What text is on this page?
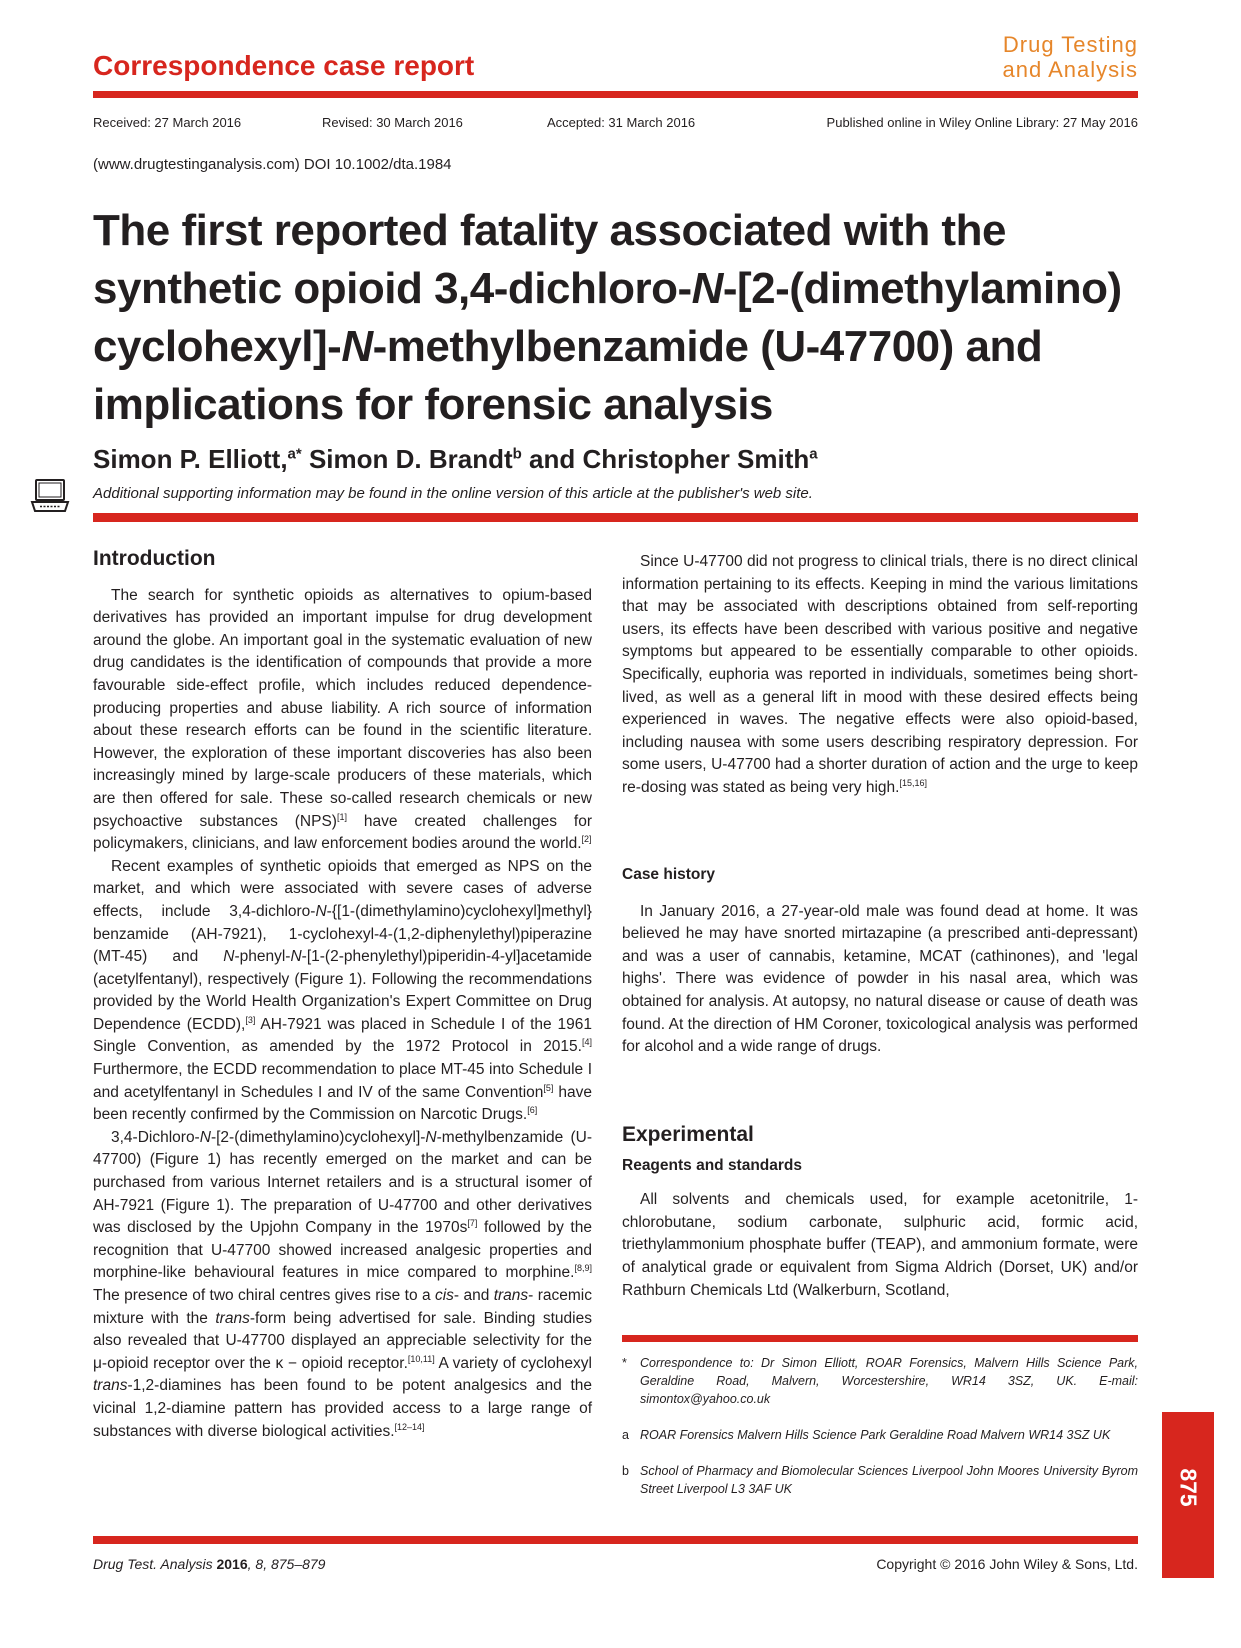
Correspondence case report
Drug Testing
and Analysis
Received: 27 March 2016	Revised: 30 March 2016	Accepted: 31 March 2016	Published online in Wiley Online Library: 27 May 2016
(www.drugtestinganalysis.com) DOI 10.1002/dta.1984
The first reported fatality associated with the
synthetic opioid 3,4-dichloro-N-[2-(dimethylamino)
cyclohexyl]-N-methylbenzamide (U-47700) and
implications for forensic analysis
Simon P. Elliott,$^{a*}$ Simon D. Brandt$^b$ and Christopher Smith$^a$
Additional supporting information may be found in the online version of this article at the publisher's web site.
Introduction

The search for synthetic opioids as alternatives to opium-based derivatives has provided an important impulse for drug development around the globe. An important goal in the systematic evaluation of new drug candidates is the identification of compounds that provide a more favourable side-effect profile, which includes reduced dependence-producing properties and abuse liability. A rich source of information about these research efforts can be found in the scientific literature. However, the exploration of these important discoveries has also been increasingly mined by large-scale producers of these materials, which are then offered for sale. These so-called research chemicals or new psychoactive substances (NPS)[1] have created challenges for policymakers, clinicians, and law enforcement bodies around the world.[2]

Recent examples of synthetic opioids that emerged as NPS on the market, and which were associated with severe cases of adverse effects, include 3,4-dichloro-N-{[1-(dimethylamino)cyclohexyl]methyl} benzamide (AH-7921), 1-cyclohexyl-4-(1,2-diphenylethyl)piperazine (MT-45) and N-phenyl-N-[1-(2-phenylethyl)piperidin-4-yl]acetamide (acetylfentanyl), respectively (Figure 1). Following the recommendations provided by the World Health Organization's Expert Committee on Drug Dependence (ECDD),[3] AH-7921 was placed in Schedule I of the 1961 Single Convention, as amended by the 1972 Protocol in 2015.[4] Furthermore, the ECDD recommendation to place MT-45 into Schedule I and acetylfentanyl in Schedules I and IV of the same Convention[5] have been recently confirmed by the Commission on Narcotic Drugs.[6]

3,4-Dichloro-N-[2-(dimethylamino)cyclohexyl]-N-methylbenzamide (U-47700) (Figure 1) has recently emerged on the market and can be purchased from various Internet retailers and is a structural isomer of AH-7921 (Figure 1). The preparation of U-47700 and other derivatives was disclosed by the Upjohn Company in the 1970s[7] followed by the recognition that U-47700 showed increased analgesic properties and morphine-like behavioural features in mice compared to morphine.[8,9] The presence of two chiral centres gives rise to a cis- and trans- racemic mixture with the trans-form being advertised for sale. Binding studies also revealed that U-47700 displayed an appreciable selectivity for the μ-opioid receptor over the κ − opioid receptor.[10,11] A variety of cyclohexyl trans-1,2-diamines has been found to be potent analgesics and the vicinal 1,2-diamine pattern has provided access to a large range of substances with diverse biological activities.[12–14]

Since U-47700 did not progress to clinical trials, there is no direct clinical information pertaining to its effects. Keeping in mind the various limitations that may be associated with descriptions obtained from self-reporting users, its effects have been described with various positive and negative symptoms but appeared to be essentially comparable to other opioids. Specifically, euphoria was reported in individuals, sometimes being short-lived, as well as a general lift in mood with these desired effects being experienced in waves. The negative effects were also opioid-based, including nausea with some users describing respiratory depression. For some users, U-47700 had a shorter duration of action and the urge to keep re-dosing was stated as being very high.[15,16]

Case history

In January 2016, a 27-year-old male was found dead at home. It was believed he may have snorted mirtazapine (a prescribed anti-depressant) and was a user of cannabis, ketamine, MCAT (cathinones), and 'legal highs'. There was evidence of powder in his nasal area, which was obtained for analysis. At autopsy, no natural disease or cause of death was found. At the direction of HM Coroner, toxicological analysis was performed for alcohol and a wide range of drugs.

Experimental
Reagents and standards

All solvents and chemicals used, for example acetonitrile, 1-chlorobutane, sodium carbonate, sulphuric acid, formic acid, triethylammonium phosphate buffer (TEAP), and ammonium formate, were of analytical grade or equivalent from Sigma Aldrich (Dorset, UK) and/or Rathburn Chemicals Ltd (Walkerburn, Scotland,

* Correspondence to: Dr Simon Elliott, ROAR Forensics, Malvern Hills Science Park, Geraldine Road, Malvern, Worcestershire, WR14 3SZ, UK. E-mail: simontox@yahoo.co.uk
a ROAR Forensics Malvern Hills Science Park Geraldine Road Malvern WR14 3SZ UK
b School of Pharmacy and Biomolecular Sciences Liverpool John Moores University Byrom Street Liverpool L3 3AF UK	875
Drug Test. Analysis 2016, 8, 875–879	Copyright © 2016 John Wiley & Sons, Ltd.
